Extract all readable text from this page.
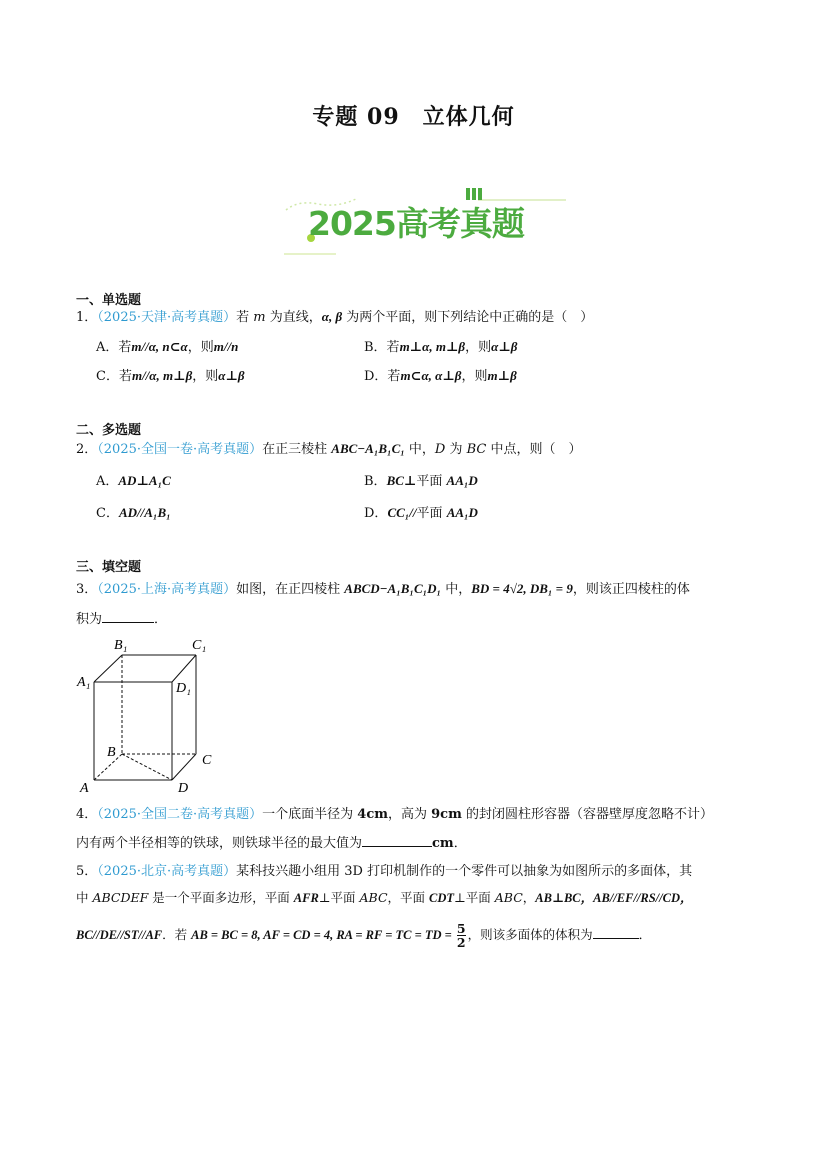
专题 09　立体几何
2025高考真题
一、单选题
1．（2025·天津·高考真题）若 m 为直线，α, β 为两个平面，则下列结论中正确的是（　）
A．若m//α, n⊂α，则m//n	B．若m⊥α, m⊥β，则α⊥β
C．若m//α, m⊥β，则α⊥β	D．若m⊂α, α⊥β，则m⊥β
二、多选题
2．（2025·全国一卷·高考真题）在正三棱柱 ABC−A₁B₁C₁ 中，D 为 BC 中点，则（　）
A．AD⊥A₁C	B．BC⊥平面 AA₁D
C．AD//A₁B₁	D．CC₁//平面 AA₁D
三、填空题
3．（2025·上海·高考真题）如图，在正四棱柱 ABCD−A₁B₁C₁D₁ 中，BD = 4√2, DB₁ = 9，则该正四棱柱的体
积为	．
B₁	C₁
A₁	D₁
B
C
A	D
4．（2025·全国二卷·高考真题）一个底面半径为 4cm，高为 9cm 的封闭圆柱形容器（容器壁厚度忽略不计）
内有两个半径相等的铁球，则铁球半径的最大值为	cm．
5．（2025·北京·高考真题）某科技兴趣小组用 3D 打印机制作的一个零件可以抽象为如图所示的多面体，其
中 ABCDEF 是一个平面多边形，平面 AFR⊥平面 ABC，平面 CDT⊥平面 ABC，AB⊥BC，AB//EF//RS//CD，
BC//DE//ST//AF．若 AB = BC = 8, AF = CD = 4, RA = RF = TC = TD = $\frac{5}{2}$ ，则该多面体的体积为	．
